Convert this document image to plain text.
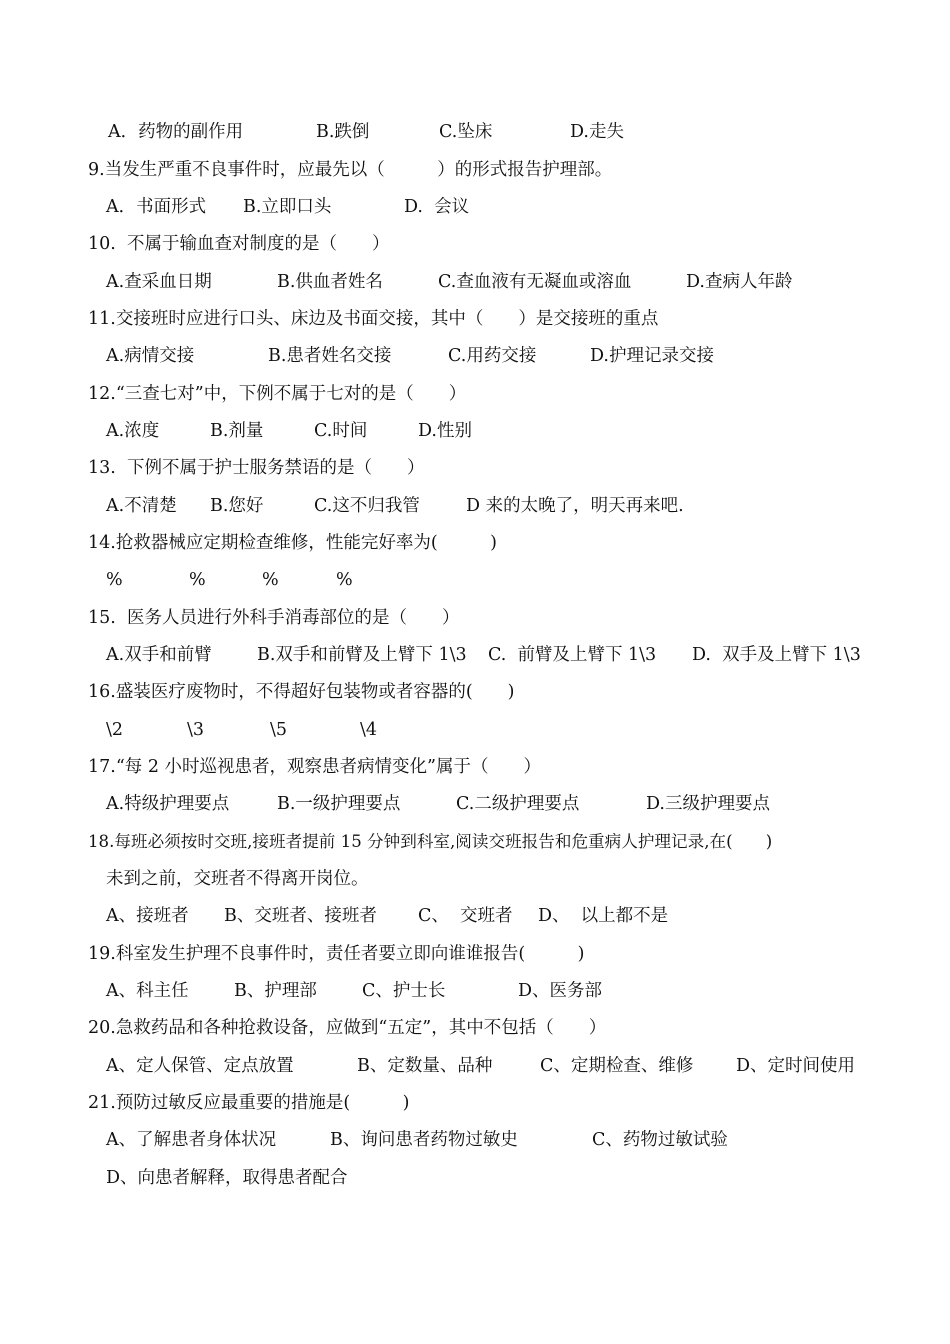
A．药物的副作用

	B.跌倒

	C.坠床

	D.走失

9.当发生严重不良事件时，应最先以（　　　）的形式报告护理部。

A．书面形式

B.立即口头

	D.  会议

10.  不属于输血查对制度的是（　　）

A.查采血日期

	B.供血者姓名

	C.查血液有无凝血或溶血

	D.查病人年龄

11.交接班时应进行口头、床边及书面交接，其中（　　）是交接班的重点

A.病情交接

	B.患者姓名交接

	C.用药交接

	D.护理记录交接

12.“三查七对”中，下例不属于七对的是（　　）

A.浓度

	B.剂量

	C.时间

	D.性别

13.  下例不属于护士服务禁语的是（　　）

A.不清楚

B.您好

	C.这不归我管

	D 来的太晚了，明天再来吧.

14.抢救器械应定期检查维修，性能完好率为(　　　)

%

	%

	%

	%

15.  医务人员进行外科手消毒部位的是（　　）

A.双手和前臂

	B.双手和前臂及上臂下 1\3

C.  前臂及上臂下 1\3

D.  双手及上臂下 1\3

16.盛装医疗废物时，不得超好包装物或者容器的(　　)

\2

	\3

	\5

	\4

17.“每 2 小时巡视患者，观察患者病情变化”属于（　　）

A.特级护理要点

	B.一级护理要点

	C.二级护理要点

	D.三级护理要点

18.每班必须按时交班,接班者提前 15 分钟到科室,阅读交班报告和危重病人护理记录,在(　　)

未到之前，交班者不得离开岗位。

A、接班者

B、交班者、接班者

C、  交班者

D、  以上都不是

19.科室发生护理不良事件时，责任者要立即向谁谁报告(　　　)

A、科主任

	B、护理部

	C、护士长

	D、医务部

20.急救药品和各种抢救设备，应做到“五定”，其中不包括（　　）

A、定人保管、定点放置

	B、定数量、品种

	C、定期检查、维修

D、定时间使用

21.预防过敏反应最重要的措施是(　　　)

A、了解患者身体状况

	B、询问患者药物过敏史

	C、药物过敏试验

D、向患者解释，取得患者配合
